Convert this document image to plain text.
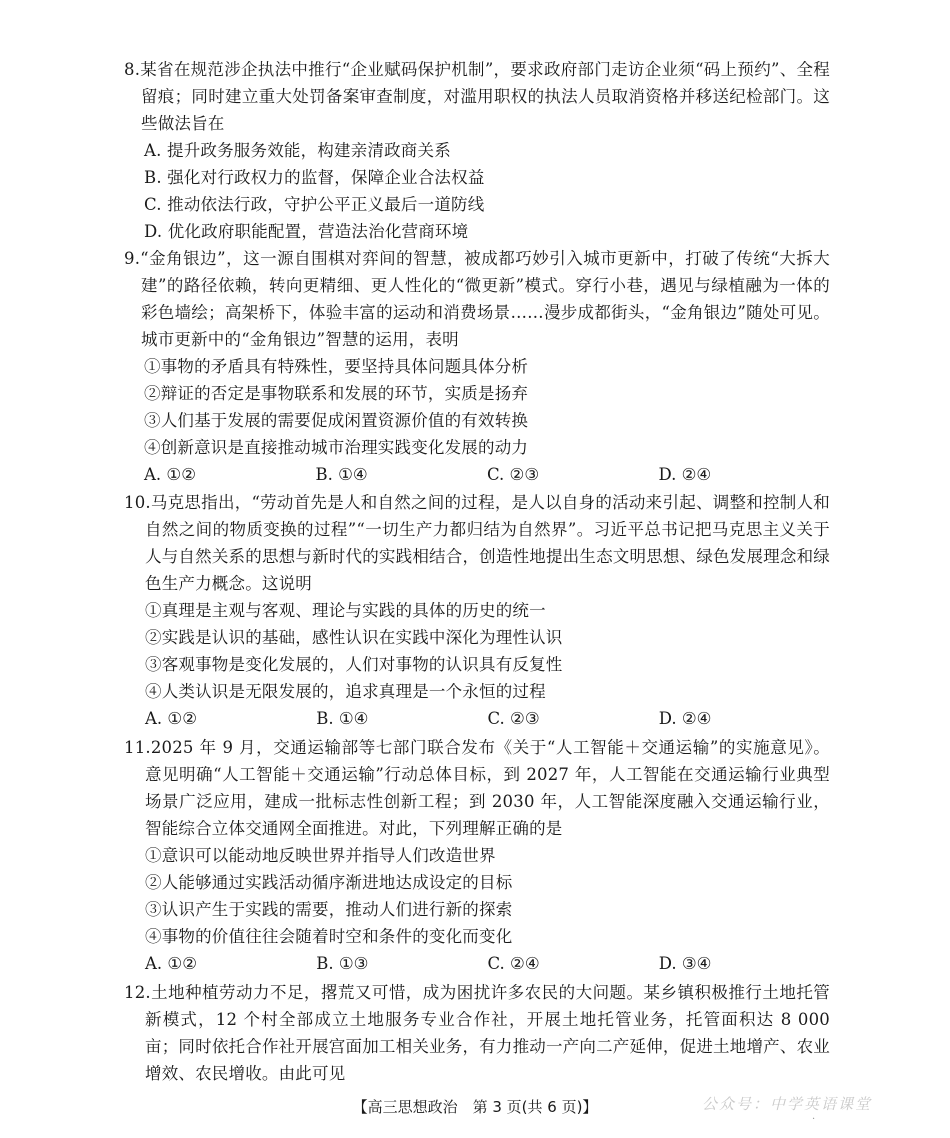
8.某省在规范涉企执法中推行“企业赋码保护机制”，要求政府部门走访企业须“码上预约”、全程留痕；同时建立重大处罚备案审查制度，对滥用职权的执法人员取消资格并移送纪检部门。这些做法旨在
A. 提升政务服务效能，构建亲清政商关系
B. 强化对行政权力的监督，保障企业合法权益
C. 推动依法行政，守护公平正义最后一道防线
D. 优化政府职能配置，营造法治化营商环境
9.“金角银边”，这一源自围棋对弈间的智慧，被成都巧妙引入城市更新中，打破了传统“大拆大建”的路径依赖，转向更精细、更人性化的“微更新”模式。穿行小巷，遇见与绿植融为一体的彩色墙绘；高架桥下，体验丰富的运动和消费场景……漫步成都街头，“金角银边”随处可见。城市更新中的“金角银边”智慧的运用，表明
①事物的矛盾具有特殊性，要坚持具体问题具体分析
②辩证的否定是事物联系和发展的环节，实质是扬弃
③人们基于发展的需要促成闲置资源价值的有效转换
④创新意识是直接推动城市治理实践变化发展的动力
A. ①②	B. ①④	C. ②③	D. ②④
10.马克思指出，“劳动首先是人和自然之间的过程，是人以自身的活动来引起、调整和控制人和自然之间的物质变换的过程”“一切生产力都归结为自然界”。习近平总书记把马克思主义关于人与自然关系的思想与新时代的实践相结合，创造性地提出生态文明思想、绿色发展理念和绿色生产力概念。这说明
①真理是主观与客观、理论与实践的具体的历史的统一
②实践是认识的基础，感性认识在实践中深化为理性认识
③客观事物是变化发展的，人们对事物的认识具有反复性
④人类认识是无限发展的，追求真理是一个永恒的过程
A. ①②	B. ①④	C. ②③	D. ②④
11.2025 年 9 月，交通运输部等七部门联合发布《关于“人工智能＋交通运输”的实施意见》。意见明确“人工智能＋交通运输”行动总体目标，到 2027 年，人工智能在交通运输行业典型场景广泛应用，建成一批标志性创新工程；到 2030 年，人工智能深度融入交通运输行业，智能综合立体交通网全面推进。对此，下列理解正确的是
①意识可以能动地反映世界并指导人们改造世界
②人能够通过实践活动循序渐进地达成设定的目标
③认识产生于实践的需要，推动人们进行新的探索
④事物的价值往往会随着时空和条件的变化而变化
A. ①②	B. ①③	C. ②④	D. ③④
12.土地种植劳动力不足，撂荒又可惜，成为困扰许多农民的大问题。某乡镇积极推行土地托管新模式，12 个村全部成立土地服务专业合作社，开展土地托管业务，托管面积达 8 000 亩；同时依托合作社开展宫面加工相关业务，有力推动一产向二产延伸，促进土地增产、农业增效、农民增收。由此可见
【高三思想政治　第 3 页(共 6 页)】	公众号：中学英语课堂
·
